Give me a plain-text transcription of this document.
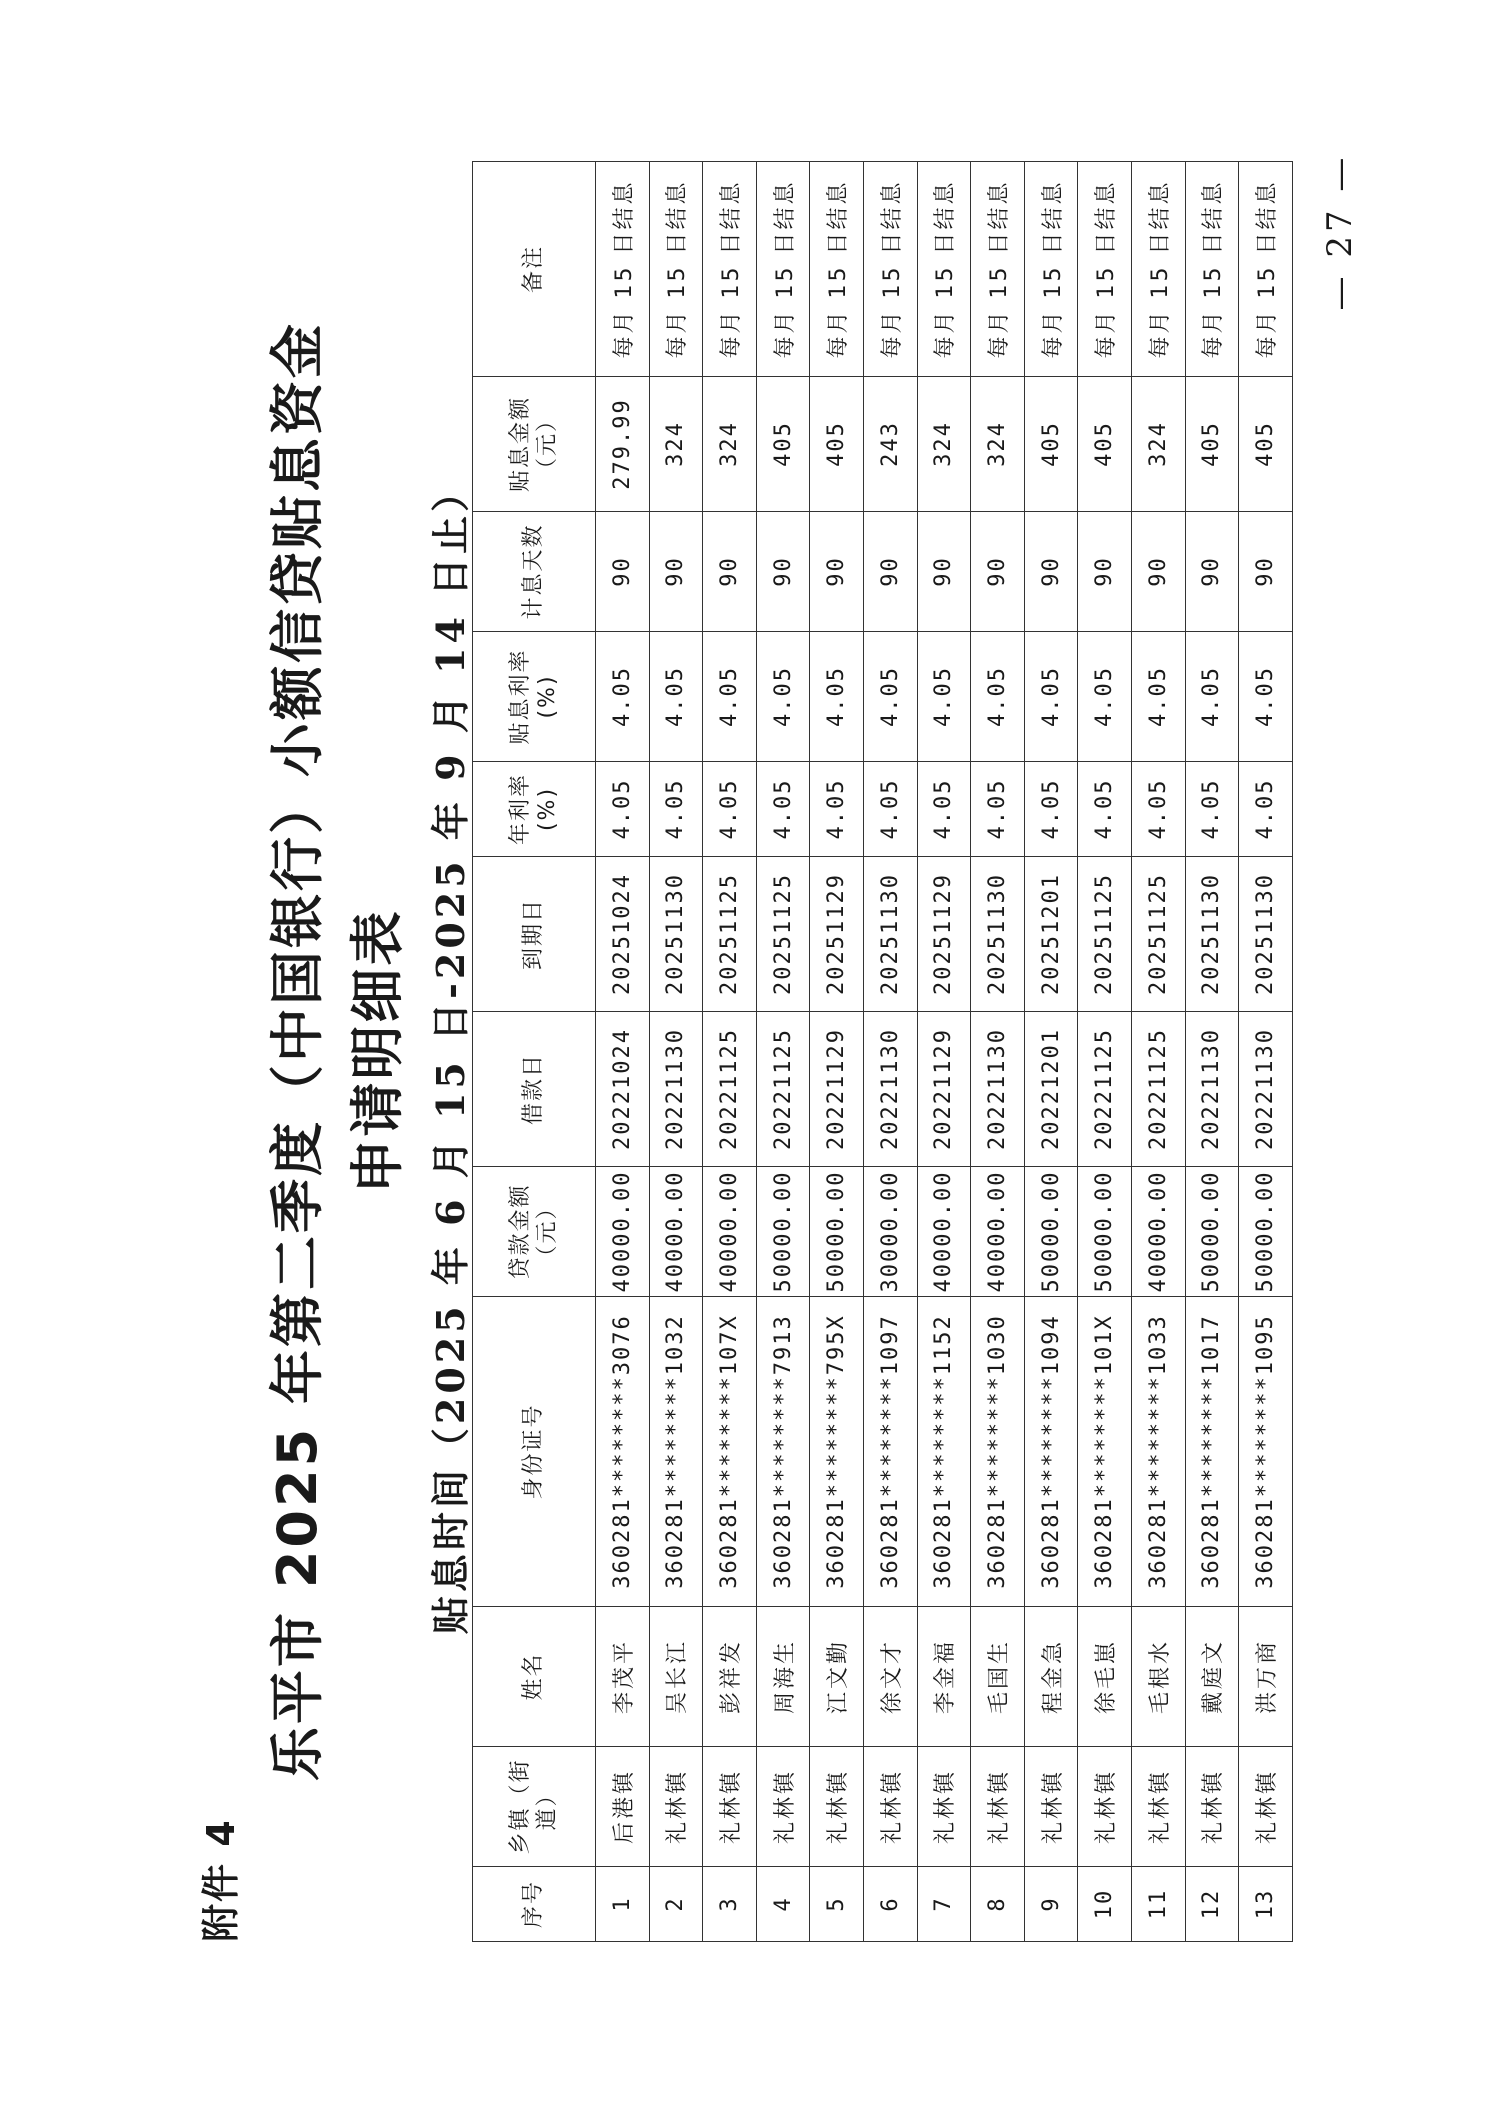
附件 4
乐平市 2025 年第二季度（中国银行）小额信贷贴息资金 申请明细表 贴息时间（2025 年 6 月 15 日-2025 年 9 月 14 日止）
序号	乡镇（街道）	姓名	身份证号	贷款金额（元）	借款日	到期日	年利率(%)	贴息利率(%)	计息天数	贴息金额（元）	备注
1	后港镇	李茂平	360281********3076	40000.00	20221024	20251024	4.05	4.05	90	279.99	每月 15 日结息
2	礼林镇	吴长江	360281********1032	40000.00	20221130	20251130	4.05	4.05	90	324	每月 15 日结息
3	礼林镇	彭祥发	360281********107X	40000.00	20221125	20251125	4.05	4.05	90	324	每月 15 日结息
4	礼林镇	周海生	360281********7913	50000.00	20221125	20251125	4.05	4.05	90	405	每月 15 日结息
5	礼林镇	江文勤	360281********795X	50000.00	20221129	20251129	4.05	4.05	90	405	每月 15 日结息
6	礼林镇	徐文才	360281********1097	30000.00	20221130	20251130	4.05	4.05	90	243	每月 15 日结息
7	礼林镇	李金福	360281********1152	40000.00	20221129	20251129	4.05	4.05	90	324	每月 15 日结息
8	礼林镇	毛国生	360281********1030	40000.00	20221130	20251130	4.05	4.05	90	324	每月 15 日结息
9	礼林镇	程金急	360281********1094	50000.00	20221201	20251201	4.05	4.05	90	405	每月 15 日结息
10	礼林镇	徐毛崽	360281********101X	50000.00	20221125	20251125	4.05	4.05	90	405	每月 15 日结息
11	礼林镇	毛根水	360281********1033	40000.00	20221125	20251125	4.05	4.05	90	324	每月 15 日结息
12	礼林镇	戴庭文	360281********1017	50000.00	20221130	20251130	4.05	4.05	90	405	每月 15 日结息
13	礼林镇	洪万商	360281********1095	50000.00	20221130	20251130	4.05	4.05	90	405	每月 15 日结息 — 27 —
